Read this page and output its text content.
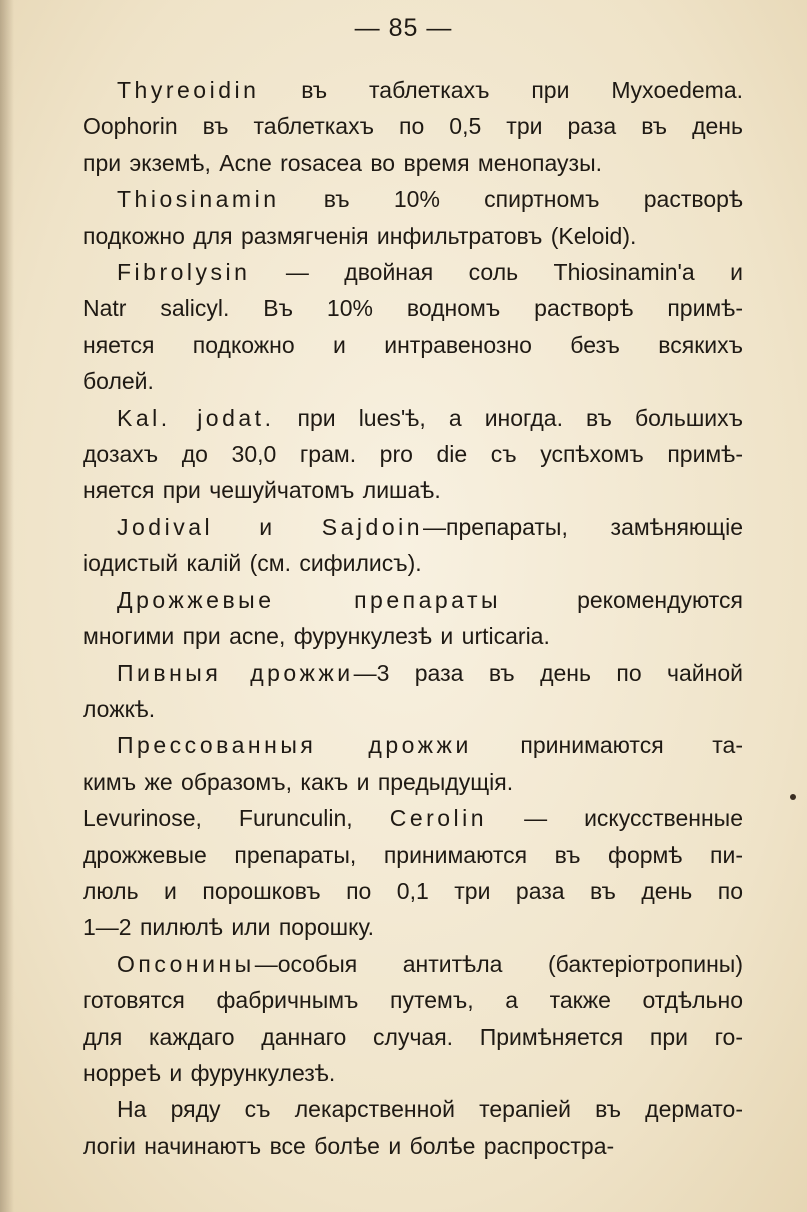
— 85 —
Thyreoidin въ таблеткахъ при Myxoedema.
Oophorin въ таблеткахъ по 0,5 три раза въ день
при экземѣ, Acne rosacea во время менопаузы.
Thiosinamin въ 10% спиртномъ растворѣ
подкожно для размягченія инфильтратовъ (Keloid).
Fibrolysin — двойная соль Thiosinamin'a и
Natr salicyl. Въ 10% водномъ растворѣ примѣ-
няется подкожно и интравенозно безъ всякихъ
болей.
Kal. jodat. при lues'ѣ, а иногда. въ большихъ
дозахъ до 30,0 грам. pro die съ успѣхомъ примѣ-
няется при чешуйчатомъ лишаѣ.
Jodival и Sajdoin—препараты, замѣняющіе
іодистый калій (см. сифилисъ).
Дрожжевые препараты рекомендуются
многими при acne, фурункулезѣ и urticaria.
Пивныя дрожжи—3 раза въ день по чайной
ложкѣ.
Прессованныя дрожжи принимаются та-
кимъ же образомъ, какъ и предыдущія.
Levurinose, Furunculin, Cerolin — искусственные
дрожжевые препараты, принимаются въ формѣ пи-
люль и порошковъ по 0,1 три раза въ день по
1—2 пилюлѣ или порошку.
Опсонины—особыя антитѣла (бактеріотропины)
готовятся фабричнымъ путемъ, а также отдѣльно
для каждаго даннаго случая. Примѣняется при го-
норреѣ и фурункулезѣ.
На ряду съ лекарственной терапіей въ дермато-
логіи начинаютъ все болѣе и болѣе распростра-
